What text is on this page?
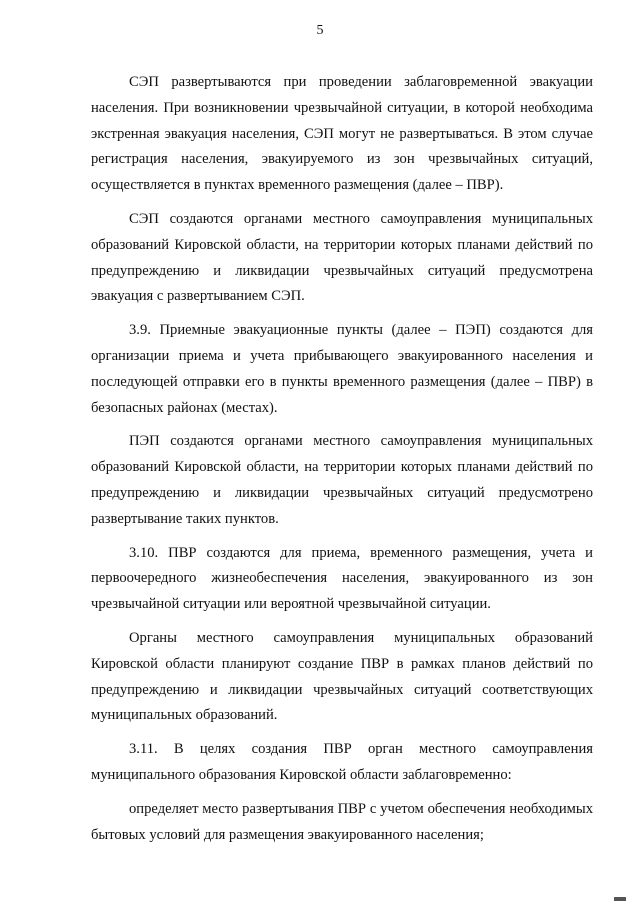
5

СЭП развертываются при проведении заблаговременной эвакуации населения. При возникновении чрезвычайной ситуации, в которой необходима экстренная эвакуация населения, СЭП могут не развертываться. В этом случае регистрация населения, эвакуируемого из зон чрезвычайных ситуаций, осуществляется в пунктах временного размещения (далее – ПВР).

СЭП создаются органами местного самоуправления муниципальных образований Кировской области, на территории которых планами действий по предупреждению и ликвидации чрезвычайных ситуаций предусмотрена эвакуация с развертыванием СЭП.

3.9. Приемные эвакуационные пункты (далее – ПЭП) создаются для организации приема и учета прибывающего эвакуированного населения и последующей отправки его в пункты временного размещения (далее – ПВР) в безопасных районах (местах).

ПЭП создаются органами местного самоуправления муниципальных образований Кировской области, на территории которых планами действий по предупреждению и ликвидации чрезвычайных ситуаций предусмотрено развертывание таких пунктов.

3.10. ПВР создаются для приема, временного размещения, учета и первоочередного жизнеобеспечения населения, эвакуированного из зон чрезвычайной ситуации или вероятной чрезвычайной ситуации.

Органы местного самоуправления муниципальных образований Кировской области планируют создание ПВР в рамках планов действий по предупреждению и ликвидации чрезвычайных ситуаций соответствующих муниципальных образований.

3.11. В целях создания ПВР орган местного самоуправления муниципального образования Кировской области заблаговременно:

определяет место развертывания ПВР с учетом обеспечения необходимых бытовых условий для размещения эвакуированного населения;
